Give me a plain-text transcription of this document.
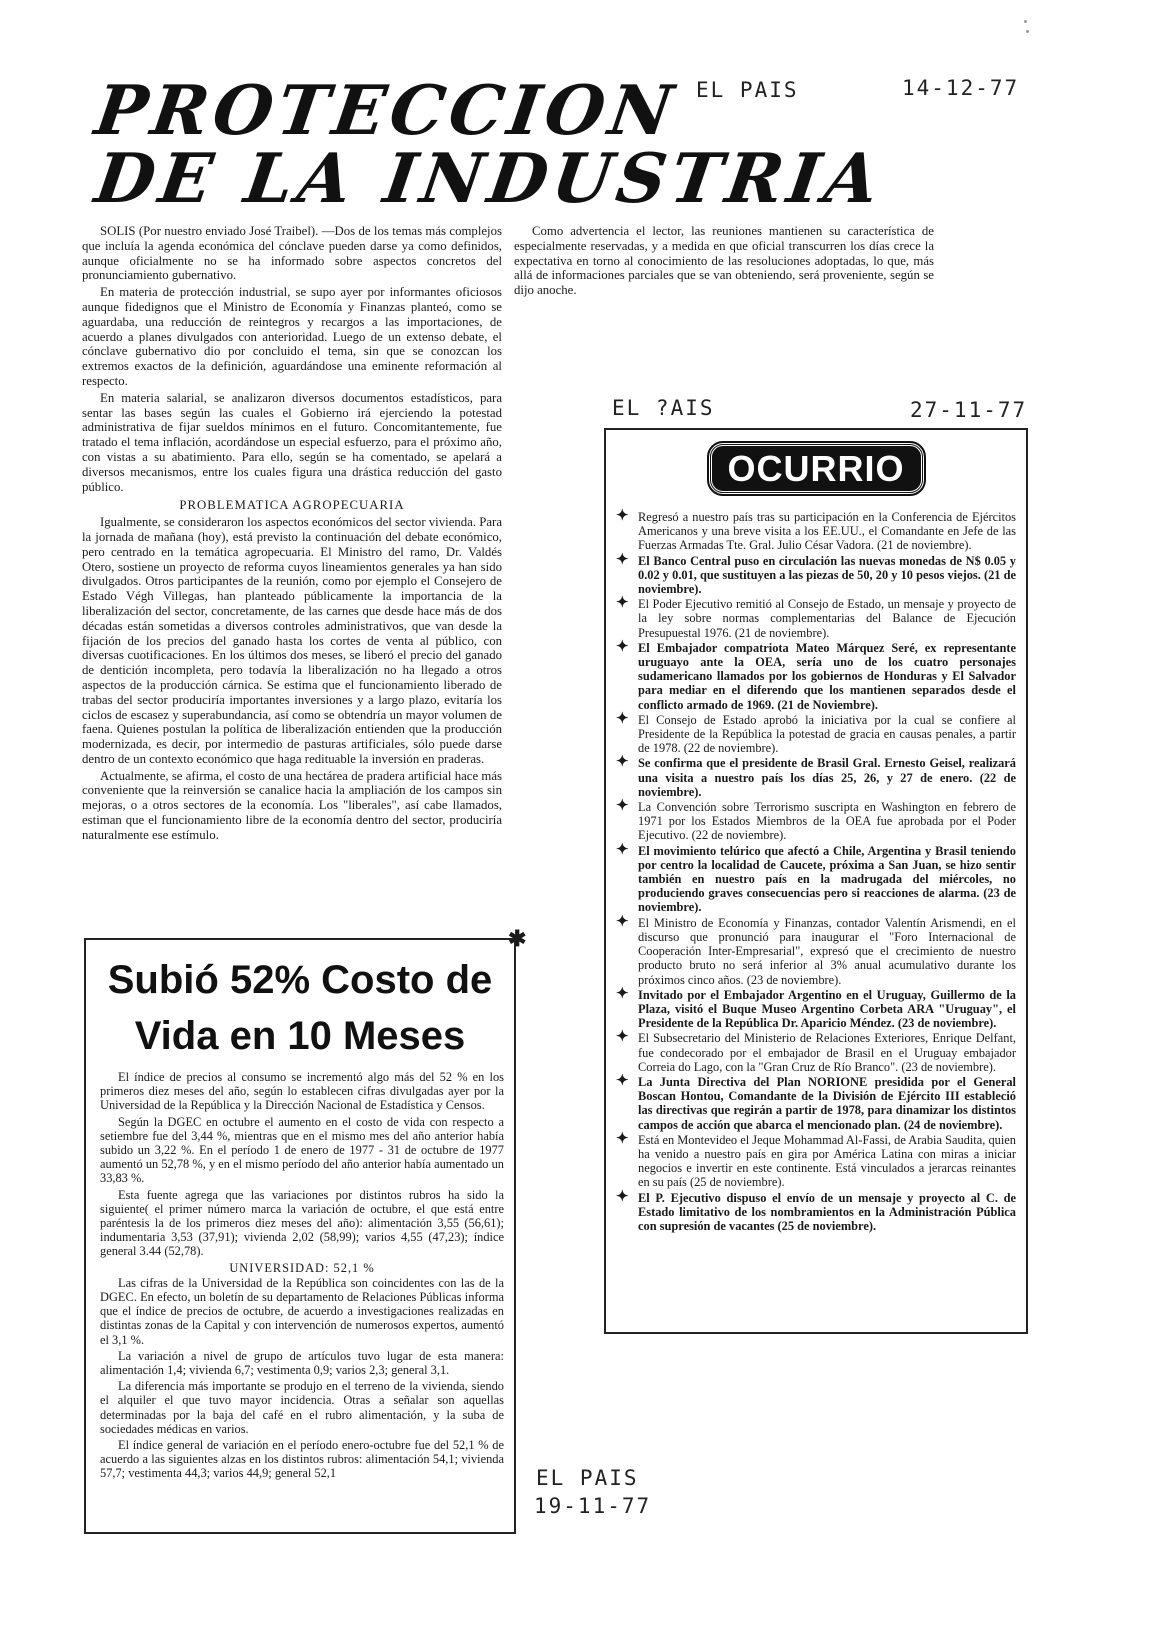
EL PAIS	14-12-77
EL ?AIS	27-11-77
EL PAIS
19-11-77
PROTECCION
DE LA INDUSTRIA

SOLIS (Por nuestro enviado José Traibel). —Dos de los temas más complejos que incluía la agenda económica del cónclave pueden darse ya como definidos, aunque oficialmente no se ha informado sobre aspectos concretos del pronunciamiento gubernativo.

En materia de protección industrial, se supo ayer por informantes oficiosos aunque fidedignos que el Ministro de Economía y Finanzas planteó, como se aguardaba, una reducción de reintegros y recargos a las importaciones, de acuerdo a planes divulgados con anterioridad. Luego de un extenso debate, el cónclave gubernativo dio por concluido el tema, sin que se conozcan los extremos exactos de la definición, aguardándose una eminente reformación al respecto.

En materia salarial, se analizaron diversos documentos estadísticos, para sentar las bases según las cuales el Gobierno irá ejerciendo la potestad administrativa de fijar sueldos mínimos en el futuro. Concomitantemente, fue tratado el tema inflación, acordándose un especial esfuerzo, para el próximo año, con vistas a su abatimiento. Para ello, según se ha comentado, se apelará a diversos mecanismos, entre los cuales figura una drástica reducción del gasto público.

PROBLEMATICA AGROPECUARIA

Igualmente, se consideraron los aspectos económicos del sector vivienda. Para la jornada de mañana (hoy), está previsto la continuación del debate económico, pero centrado en la temática agropecuaria. El Ministro del ramo, Dr. Valdés Otero, sostiene un proyecto de reforma cuyos lineamientos generales ya han sido divulgados. Otros participantes de la reunión, como por ejemplo el Consejero de Estado Végh Villegas, han planteado públicamente la importancia de la liberalización del sector, concretamente, de las carnes que desde hace más de dos décadas están sometidas a diversos controles administrativos, que van desde la fijación de los precios del ganado hasta los cortes de venta al público, con diversas cuotificaciones. En los últimos dos meses, se liberó el precio del ganado de dentición incompleta, pero todavía la liberalización no ha llegado a otros aspectos de la producción cárnica. Se estima que el funcionamiento liberado de trabas del sector produciría importantes inversiones y a largo plazo, evitaría los ciclos de escasez y superabundancia, así como se obtendría un mayor volumen de faena. Quienes postulan la política de liberalización entienden que la producción modernizada, es decir, por intermedio de pasturas artificiales, sólo puede darse dentro de un contexto económico que haga redituable la inversión en praderas.

Actualmente, se afirma, el costo de una hectárea de pradera artificial hace más conveniente que la reinversión se canalice hacia la ampliación de los campos sin mejoras, o a otros sectores de la economía. Los "liberales", así cabe llamados, estiman que el funcionamiento libre de la economía dentro del sector, produciría naturalmente ese estímulo.

Como advertencia el lector, las reuniones mantienen su característica de especialmente reservadas, y a medida en que oficial transcurren los días crece la expectativa en torno al conocimiento de las resoluciones adoptadas, lo que, más allá de informaciones parciales que se van obteniendo, será proveniente, según se dijo anoche.

✱
Subió 52% Costo de
Vida en 10 Meses

El índice de precios al consumo se incrementó algo más del 52 % en los primeros diez meses del año, según lo establecen cifras divulgadas ayer por la Universidad de la República y la Dirección Nacional de Estadística y Censos.

Según la DGEC en octubre el aumento en el costo de vida con respecto a setiembre fue del 3,44 %, mientras que en el mismo mes del año anterior había subido un 3,22 %. En el período 1 de enero de 1977 - 31 de octubre de 1977 aumentó un 52,78 %, y en el mismo período del año anterior había aumentado un 33,83 %.

Esta fuente agrega que las variaciones por distintos rubros ha sido la siguiente( el primer número marca la variación de octubre, el que está entre paréntesis la de los primeros diez meses del año): alimentación 3,55 (56,61); indumentaria 3,53 (37,91); vivienda 2,02 (58,99); varios 4,55 (47,23); índice general 3.44 (52,78).

UNIVERSIDAD: 52,1 %

Las cifras de la Universidad de la República son coincidentes con las de la DGEC. En efecto, un boletín de su departamento de Relaciones Públicas informa que el índice de precios de octubre, de acuerdo a investigaciones realizadas en distintas zonas de la Capital y con intervención de numerosos expertos, aumentó el 3,1 %.

La variación a nivel de grupo de artículos tuvo lugar de esta manera: alimentación 1,4; vivienda 6,7; vestimenta 0,9; varios 2,3; general 3,1.

La diferencia más importante se produjo en el terreno de la vivienda, siendo el alquiler el que tuvo mayor incidencia. Otras a señalar son aquellas determinadas por la baja del café en el rubro alimentación, y la suba de sociedades médicas en varios.

El índice general de variación en el período enero-octubre fue del 52,1 % de acuerdo a las siguientes alzas en los distintos rubros: alimentación 54,1; vivienda 57,7; vestimenta 44,3; varios 44,9; general 52,1

OCURRIO
✦ Regresó a nuestro país tras su participación en la Conferencia de Ejércitos Americanos y una breve visita a los EE.UU., el Comandante en Jefe de las Fuerzas Armadas Tte. Gral. Julio César Vadora. (21 de noviembre).
✦ El Banco Central puso en circulación las nuevas monedas de N$ 0.05 y 0.02 y 0.01, que sustituyen a las piezas de 50, 20 y 10 pesos viejos. (21 de noviembre).
✦ El Poder Ejecutivo remitió al Consejo de Estado, un mensaje y proyecto de la ley sobre normas complementarias del Balance de Ejecución Presupuestal 1976. (21 de noviembre).
✦ El Embajador compatriota Mateo Márquez Seré, ex representante uruguayo ante la OEA, sería uno de los cuatro personajes sudamericano llamados por los gobiernos de Honduras y El Salvador para mediar en el diferendo que los mantienen separados desde el conflicto armado de 1969. (21 de Noviembre).
✦ El Consejo de Estado aprobó la iniciativa por la cual se confiere al Presidente de la República la potestad de gracia en causas penales, a partir de 1978. (22 de noviembre).
✦ Se confirma que el presidente de Brasil Gral. Ernesto Geisel, realizará una visita a nuestro país los días 25, 26, y 27 de enero. (22 de noviembre).
✦ La Convención sobre Terrorismo suscripta en Washington en febrero de 1971 por los Estados Miembros de la OEA fue aprobada por el Poder Ejecutivo. (22 de noviembre).
✦ El movimiento telúrico que afectó a Chile, Argentina y Brasil teniendo por centro la localidad de Caucete, próxima a San Juan, se hizo sentir también en nuestro país en la madrugada del miércoles, no produciendo graves consecuencias pero si reacciones de alarma. (23 de noviembre).
✦ El Ministro de Economía y Finanzas, contador Valentín Arismendi, en el discurso que pronunció para inaugurar el "Foro Internacional de Cooperación Inter-Empresarial", expresó que el crecimiento de nuestro producto bruto no será inferior al 3% anual acumulativo durante los próximos cinco años. (23 de noviembre).
✦ Invitado por el Embajador Argentino en el Uruguay, Guillermo de la Plaza, visitó el Buque Museo Argentino Corbeta ARA "Uruguay", el Presidente de la República Dr. Aparicio Méndez. (23 de noviembre).
✦ El Subsecretario del Ministerio de Relaciones Exteriores, Enrique Delfant, fue condecorado por el embajador de Brasil en el Uruguay embajador Correia do Lago, con la "Gran Cruz de Río Branco". (23 de noviembre).
✦ La Junta Directiva del Plan NORIONE presidida por el General Boscan Hontou, Comandante de la División de Ejército III estableció las directivas que regirán a partir de 1978, para dinamizar los distintos campos de acción que abarca el mencionado plan. (24 de noviembre).
✦ Está en Montevideo el Jeque Mohammad Al-Fassi, de Arabia Saudita, quien ha venido a nuestro país en gira por América Latina con miras a iniciar negocios e invertir en este continente. Está vinculados a jerarcas reinantes en su país (25 de noviembre).
✦ El P. Ejecutivo dispuso el envío de un mensaje y proyecto al C. de Estado limitativo de los nombramientos en la Administración Pública con supresión de vacantes (25 de noviembre).
